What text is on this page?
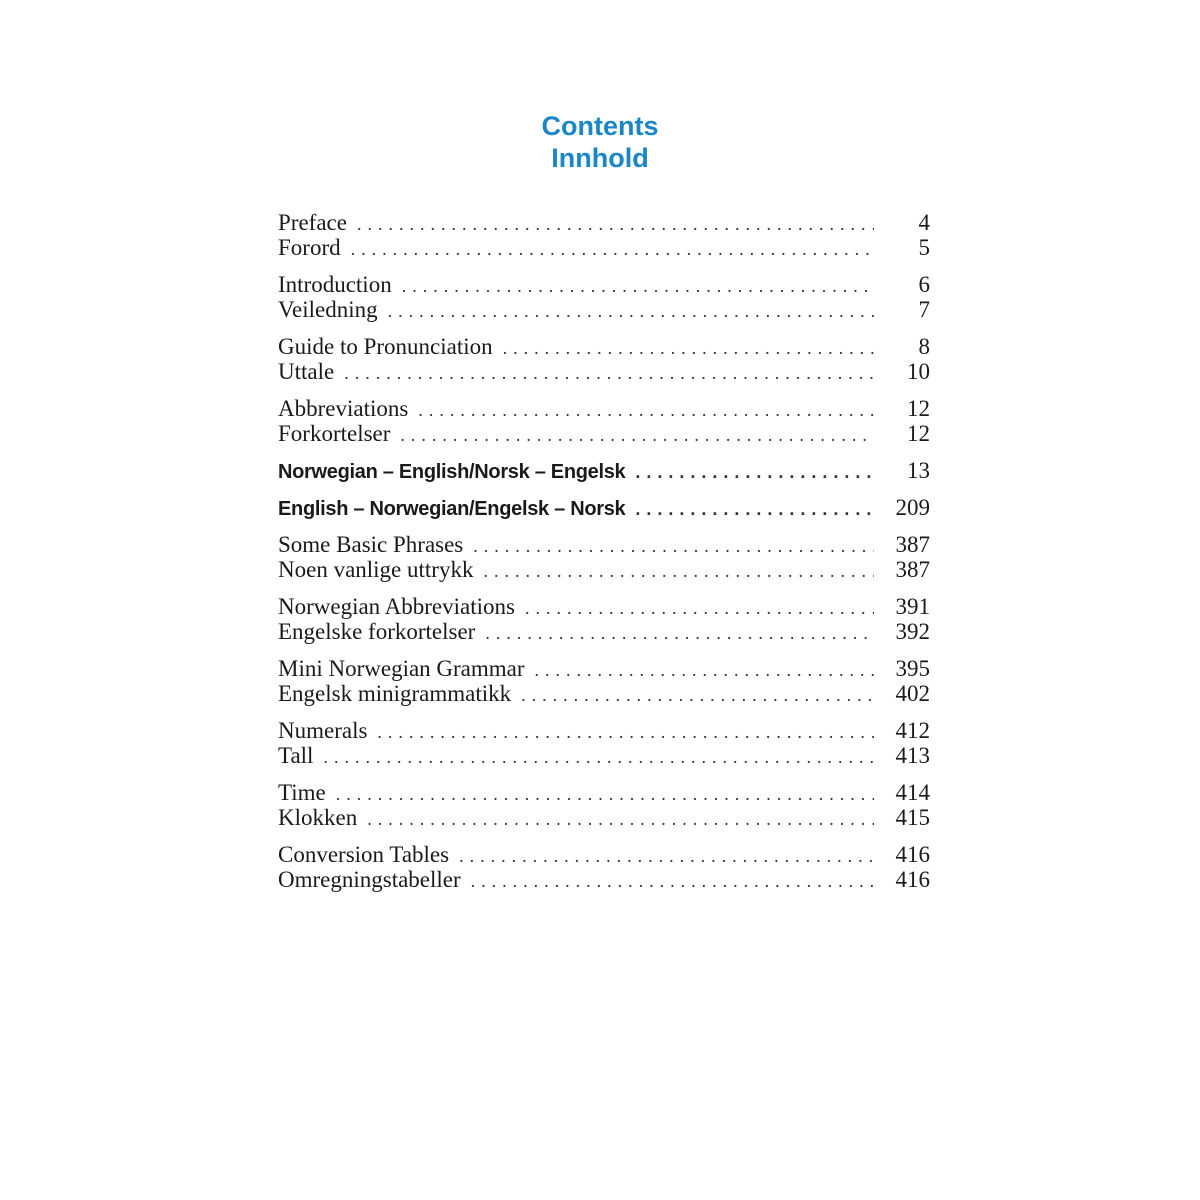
Contents
Innhold
Preface .....	4
Forord .....	5
Introduction .....	6
Veiledning .....	7
Guide to Pronunciation .....	8
Uttale .....	10
Abbreviations .....	12
Forkortelser .....	12
Norwegian – English/Norsk – Engelsk .....	13
English – Norwegian/Engelsk – Norsk .....	209
Some Basic Phrases .....	387
Noen vanlige uttrykk .....	387
Norwegian Abbreviations .....	391
Engelske forkortelser .....	392
Mini Norwegian Grammar .....	395
Engelsk minigrammatikk .....	402
Numerals .....	412
Tall .....	413
Time .....	414
Klokken .....	415
Conversion Tables .....	416
Omregningstabeller .....	416
